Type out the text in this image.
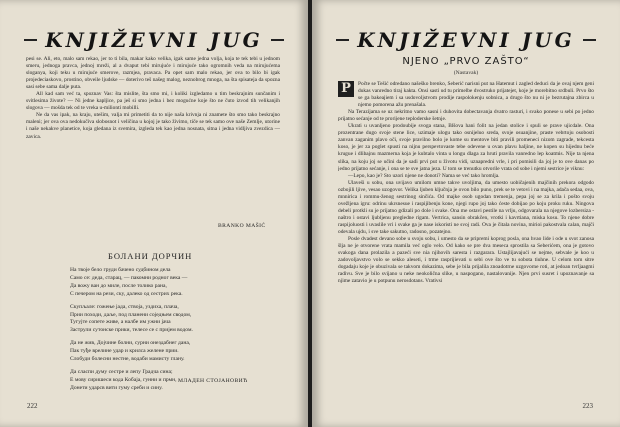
KNJIŽEVNI JUG

pesi se. Ali, eto, malo sam rekao, jer to ti bila, makar kako velika, igak same jedna volja, koja te tek tebi u jednom smeru, jednoga pravca, jednoj mreži, al a dvaput tebi mirujuće i mirujuće tako ogromnih veda na mirujućema sloganya, koji teku u mirujuće smerove, razmjea, pravaca. Pa opet sam malo rekao, jer ova to bilo bi igak projedeciaskovo, prostino, obveile ljudske — doterivo teš našeg malog, neznobrog mnoga, na šta spisateja da spozna sasi sebe sama dalje puta.

All kad sam već ta, spoznav Vas: šta mislite, šta smo mi, i koliki izgledamo u tim beskrajnim sunčanim i svitlesima živote? — Ni jedne kapljice, pa ješ si smo jedna i bez mogućne koje što ne čuto izvod tih velikanjih slogova — mošda tek od te vreka u-milionti mobilli.

Ne da vas ipak, na kraju, utešim, valja mi primetiti da to nije naša krivnja ni znamete što smo tako beskrajno maleni; jer ova ova nedokučiva slobosnot i veličina u kojoj je tako živimo, tiče se tek samo ove naše Zemlje, utorine i naše nekakve planetice, koja gledana iz svemira, izgleda tek kao jedna nosnata, sitna i jedna vidljiva zvezdica — zavica.

BRANKO MAŠIĆ
БОЛАНИ ДОРЧИН
На твоје бело груди бачено судбином дела
Само се: деда, старац, — пакомни родног века —
Да вожу ван до миле, после толико рана,
С печером на рези, ску, далеко од сестрих река.
Скупљале: гожење јада, ствоја, уздиха, плача,
Прии походи, даље, под планени соједњем сводом,
Тугујте сопете живе, а налбе им ужни јача
Заструли сутонске прики, телесе се с пријем водом.
Да не жив, Дојчине болни, сурни онездабнег дана,
Пак туђе врелине удар и крилса желене прии.
Слобуди болесни нестне, водаби мамисту глану.
Да сласпи думу сестре и лепу Градча сина;
Е мову сиришеси кода Кобаја, гунни и прмн,
Донети ударсв вити гуму среби и сину.
МЛАДЕН СТОЈАНОВИЋ
222
KNJIŽEVNI JUG
NJENO „PRVO ZAŠTO“
(Nastavak)
P	Počte se Tešić odredano našeško brenko, Seberić narisni put na Hatemut i zagled deduci da je ovaj njem geni dukas vanredno tiraj kakta. Onsi sasti ud tu primelbe dvostruko prijatejet, koje je morebitno srdbuli. Prvo što se ga bakeajiem i sa usdovoljstvom prodije raspolokenju sobnica, a drugo što nu ni je bezrutajna zbirca u njemo pomorena ažu prenašala.

Na Terazijama se uz nekritno vamo sasni i duhovita dobectavanja dvatro rasturi, i svako ponese u sebi po jedno prijatno sećanje od te prorijene teploderske šetnje.

Ukrati u uvanljeno prodoubije svoga stana, Blšova hani folit na jedan stolice i spuli se prave ujicdale. Ona prozentrane dugo svoje stene lice, uzimaje ulogu tako osnijeluo sreda, svoje osuanjine, praste vebrtoju osobosti zanvan zaganim plavo oči, svoje pravilno bolo je kome su mentove biti pravili promeneci nizom zagrade, tekcesta koso, je jer za poglet spusti na nijnu perspevtovaste tebe odevene u ovan plavu haljine, ne kopen su hijednu beće krugue i dlibajnu mazmerna koja je kubtalo vinta u longu dlaga za hruti pravila vanredno lep koatmis. Nije ta njena slika, na koju joj se učini da je sadi prvi put u životu vidi, uznapredni vrle, i pri pomisili da joj je to ove danas po jedno prijatno sećanje, i ona se te sve jatna jeza. U tom se trenutku otvorile vrata od sobe i njemi sestrice je viknu:

—Lepo, kao je? Sto uzori njene ne donoti? Nama se već tako hromlja.

Ulaveši u sobu, ona uvijavo umilom umne takve uvoljima, da umesto uobičajenih majčinih prekora odgodo ozbojili ljive, vesao uzogovor. Velika ljuben ključnja je ovon bilo puno, prek se te vetovi i na majka, adača sedaa, ova, mnnirica i rommu-ženog sestrinog sinčića. Od majke osob ugodan tremenja, pepa joj se za krila i pošto svoju ovežljena igru: odrinu ukrsnesue i raspijibenju kone, njegi rupo joj tako ćeste dobijao po koju proku ruku. Ningova debeli protkli su je prijatno gdizali po dole i svake. Ona me ostavi pestile na vrlju, odgovarala na njegove lozbersiza -naštro i ostavi ljubljenu pregledne rigam. Vertrica, sansin obrakčen, vrotki i kavrtiana, miska kosu. To njene dobre raspijoluosti i uvaslile vri i svake ga je nase iskoristi ne svoj radi. Ova je čitala novina, mirioi pakostvala calan, majči odevala ujdu, i sve take sakutno, radosno, pozatejno.

Posle dvadest devano sobe u svoju sobu, i umesto da se pripremi koprog posla, ona hvao lide i ode u svot zanosa šlja ne je otvorene vrata mamila već oglo velo. Od kako se pre dva meseca sprostila sa Seberićem, ona je gotovo svakoga dana prolazila a pazeći sve nia njihovih saresta i razgarara. Ustajlijavajući se nejme, sebvale je koo u zadovoljavstvo volo se sekko aleseti, i trme rasprijievati u sebi ove što ve tu sobota tiuhne. U celom tom sitre dogadaju koje je obuzivala se takvom dokazima, sebe je bila prijalila znoadotrne uzgovorne roti, at jedoan tvrljaagmi radivu. Sve je bilo svijano u neke neokolična slike, u naspogano, nastalovanije. Njen prvi susret i upoznavanje sa njime zatavio je u potpunu nerosdotans. Vrativsi

223
